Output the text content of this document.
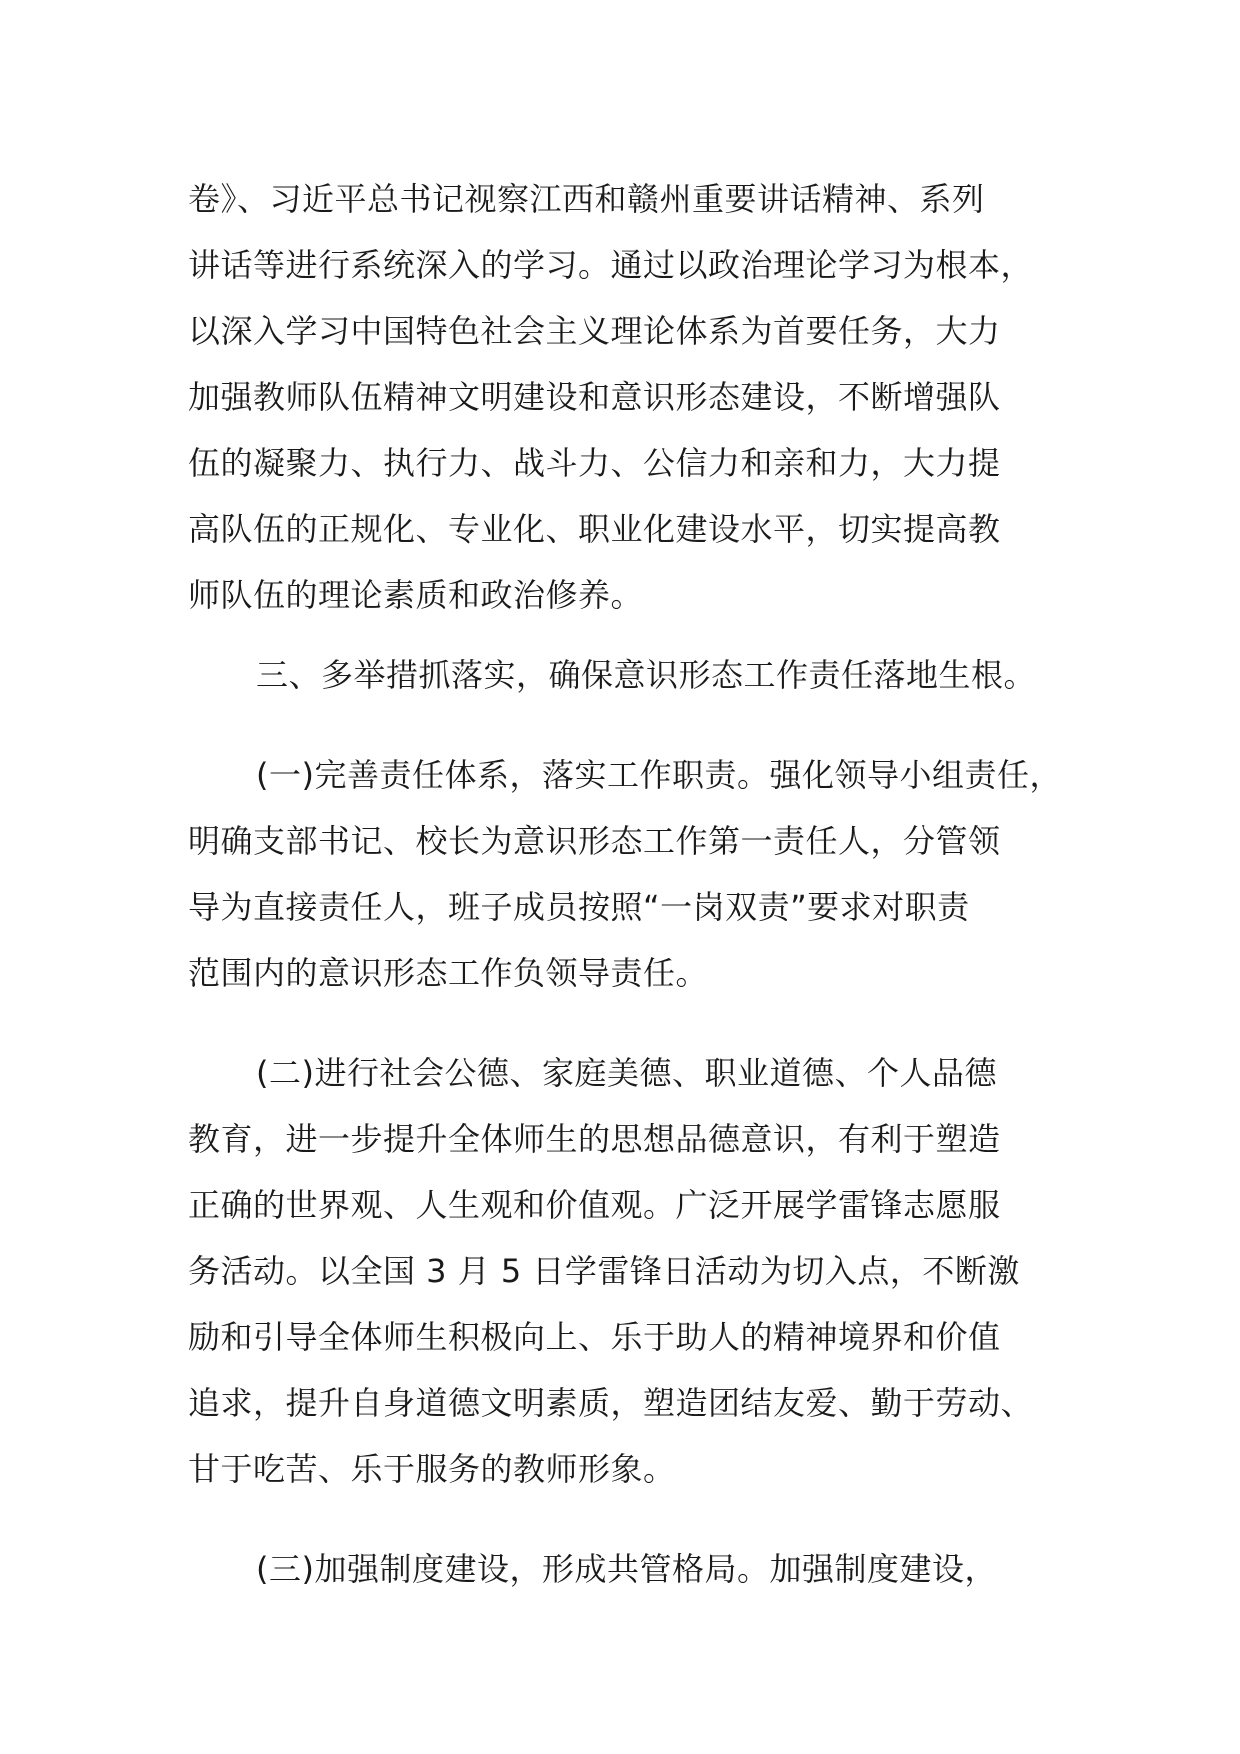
卷》、习近平总书记视察江西和赣州重要讲话精神、系列
讲话等进行系统深入的学习。通过以政治理论学习为根本，
以深入学习中国特色社会主义理论体系为首要任务，大力
加强教师队伍精神文明建设和意识形态建设，不断增强队
伍的凝聚力、执行力、战斗力、公信力和亲和力，大力提
高队伍的正规化、专业化、职业化建设水平，切实提高教
师队伍的理论素质和政治修养。
三、多举措抓落实，确保意识形态工作责任落地生根。
(一)完善责任体系，落实工作职责。强化领导小组责任，
明确支部书记、校长为意识形态工作第一责任人，分管领
导为直接责任人，班子成员按照“一岗双责”要求对职责
范围内的意识形态工作负领导责任。
(二)进行社会公德、家庭美德、职业道德、个人品德
教育，进一步提升全体师生的思想品德意识，有利于塑造
正确的世界观、人生观和价值观。广泛开展学雷锋志愿服
务活动。以全国 3 月 5 日学雷锋日活动为切入点，不断激
励和引导全体师生积极向上、乐于助人的精神境界和价值
追求，提升自身道德文明素质，塑造团结友爱、勤于劳动、
甘于吃苦、乐于服务的教师形象。
(三)加强制度建设，形成共管格局。加强制度建设，
